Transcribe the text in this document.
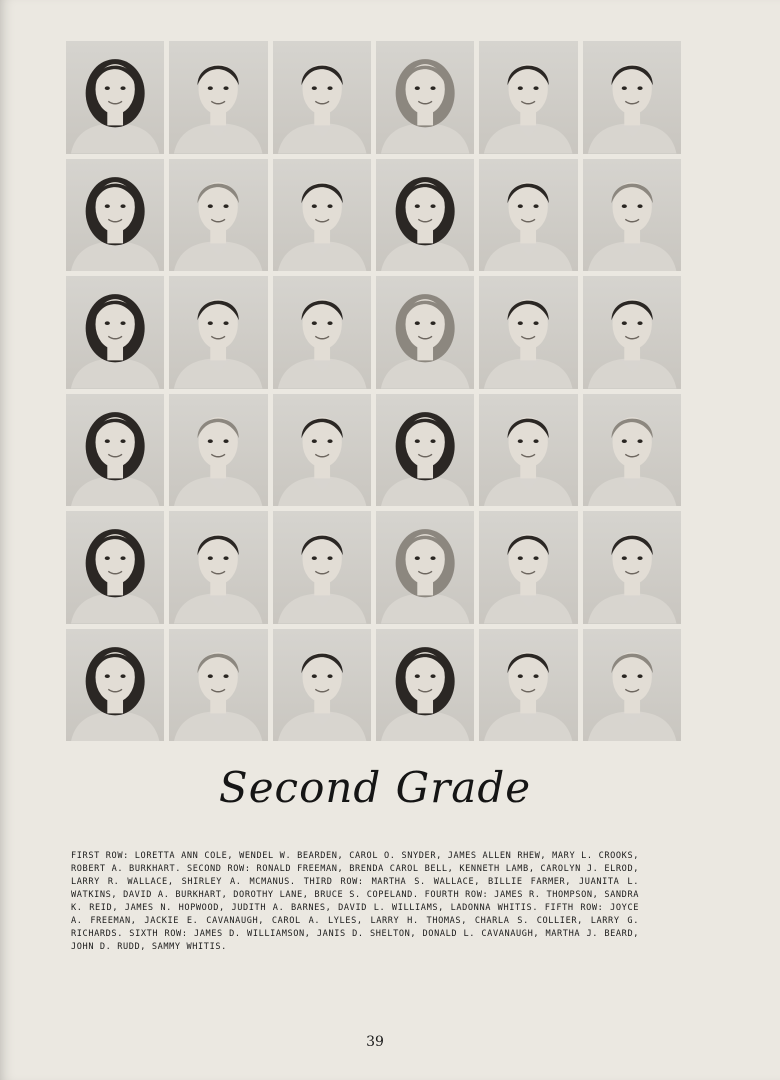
Second Grade

FIRST ROW: LORETTA ANN COLE, WENDEL W. BEARDEN, CAROL O. SNYDER, JAMES ALLEN RHEW, MARY L. CROOKS, ROBERT A. BURKHART. SECOND ROW: RONALD FREEMAN, BRENDA CAROL BELL, KENNETH LAMB, CAROLYN J. ELROD, LARRY R. WALLACE, SHIRLEY A. MCMANUS. THIRD ROW: MARTHA S. WALLACE, BILLIE FARMER, JUANITA L. WATKINS, DAVID A. BURKHART, DOROTHY LANE, BRUCE S. COPELAND. FOURTH ROW: JAMES R. THOMPSON, SANDRA K. REID, JAMES N. HOPWOOD, JUDITH A. BARNES, DAVID L. WILLIAMS, LADONNA WHITIS. FIFTH ROW: JOYCE A. FREEMAN, JACKIE E. CAVANAUGH, CAROL A. LYLES, LARRY H. THOMAS, CHARLA S. COLLIER, LARRY G. RICHARDS. SIXTH ROW: JAMES D. WILLIAMSON, JANIS D. SHELTON, DONALD L. CAVANAUGH, MARTHA J. BEARD, JOHN D. RUDD, SAMMY WHITIS.

39
